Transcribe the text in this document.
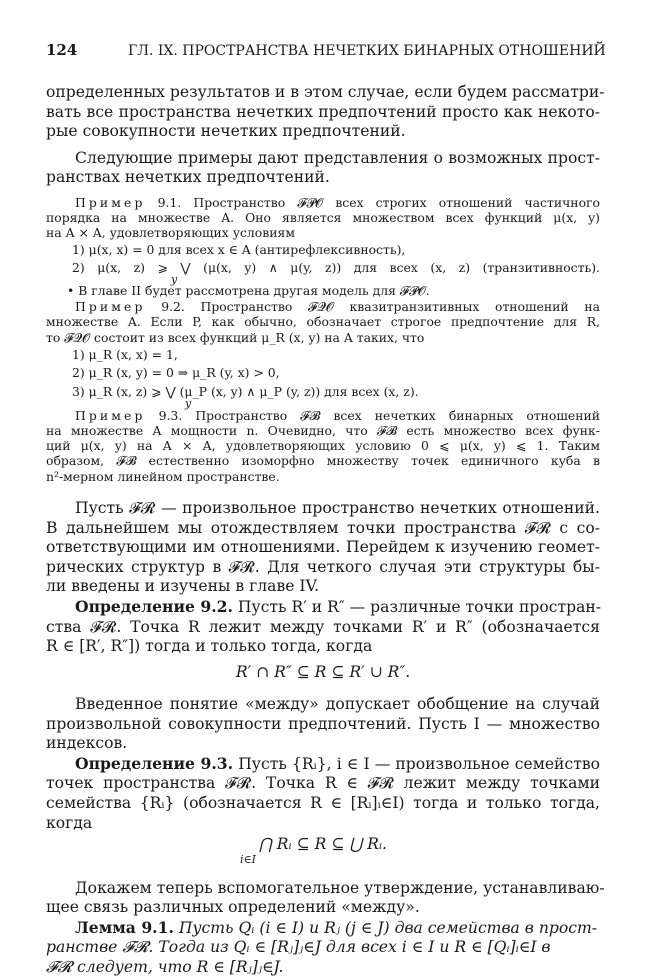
124	ГЛ. IX. ПРОСТРАНСТВА НЕЧЕТКИХ БИНАРНЫХ ОТНОШЕНИЙ
определенных результатов и в этом случае, если будем рассматри-
вать все пространства нечетких предпочтений просто как некото-
рые совокупности нечетких предпочтений.
Следующие примеры дают представления о возможных прост-
ранствах нечетких предпочтений.
Пример 9.1. Пространство 𝓕𝓟𝓞 всех строгих отношений частичного
порядка на множестве A. Оно является множеством всех функций μ(x, y)
на A × A, удовлетворяющих условиям
1) μ(x, x) = 0 для всех x ∈ A (антирефлексивность),
2) μ(x, z) ⩾ ⋁ (μ(x, y) ∧ μ(y, z)) для всех (x, z) (транзитивность).
y
• В главе II будет рассмотрена другая модель для 𝓕𝓟𝓞.
Пример 9.2. Пространство 𝓕𝓠𝓞 квазитранзитивных отношений на
множестве A. Если P, как обычно, обозначает строгое предпочтение для R,
то 𝓕𝓠𝓞 состоит из всех функций μ_R (x, y) на A таких, что
1) μ_R (x, x) = 1,
2) μ_R (x, y) = 0 ⇒ μ_R (y, x) > 0,
3) μ_R (x, z) ⩾ ⋁ (μ_P (x, y) ∧ μ_P (y, z)) для всех (x, z).
y
Пример 9.3. Пространство 𝓕𝓑 всех нечетких бинарных отношений
на множестве A мощности n. Очевидно, что 𝓕𝓑 есть множество всех функ-
ций μ(x, y) на A × A, удовлетворяющих условию 0 ⩽ μ(x, y) ⩽ 1. Таким
образом, 𝓕𝓑 естественно изоморфно множеству точек единичного куба в
n²-мерном линейном пространстве.
Пусть 𝓕𝓡 — произвольное пространство нечетких отношений.
В дальнейшем мы отождествляем точки пространства 𝓕𝓡 с со-
ответствующими им отношениями. Перейдем к изучению геомет-
рических структур в 𝓕𝓡. Для четкого случая эти структуры бы-
ли введены и изучены в главе IV.
Определение 9.2. Пусть R′ и R″ — различные точки простран-
ства 𝓕𝓡. Точка R лежит между точками R′ и R″ (обозначается
R ∈ [R′, R″]) тогда и только тогда, когда
R′ ∩ R″ ⊆ R ⊆ R′ ∪ R″.
Введенное понятие «между» допускает обобщение на случай
произвольной совокупности предпочтений. Пусть I — множество
индексов.
Определение 9.3. Пусть {Rᵢ}, i ∈ I — произвольное семейство
точек пространства 𝓕𝓡. Точка R ∈ 𝓕𝓡 лежит между точками
семейства {Rᵢ} (обозначается R ∈ [Rᵢ]ᵢ∈I) тогда и только тогда,
когда
⋂ Rᵢ ⊆ R ⊆ ⋃ Rᵢ.
i∈I
Докажем теперь вспомогательное утверждение, устанавливаю-
щее связь различных определений «между».
Лемма 9.1. Пусть Qᵢ (i ∈ I) и Rⱼ (j ∈ J) два семейства в прост-
ранстве 𝓕𝓡. Тогда из Qᵢ ∈ [Rⱼ]ⱼ∈J для всех i ∈ I и R ∈ [Qᵢ]ᵢ∈I в
𝓕𝓡 следует, что R ∈ [Rⱼ]ⱼ∈J.
